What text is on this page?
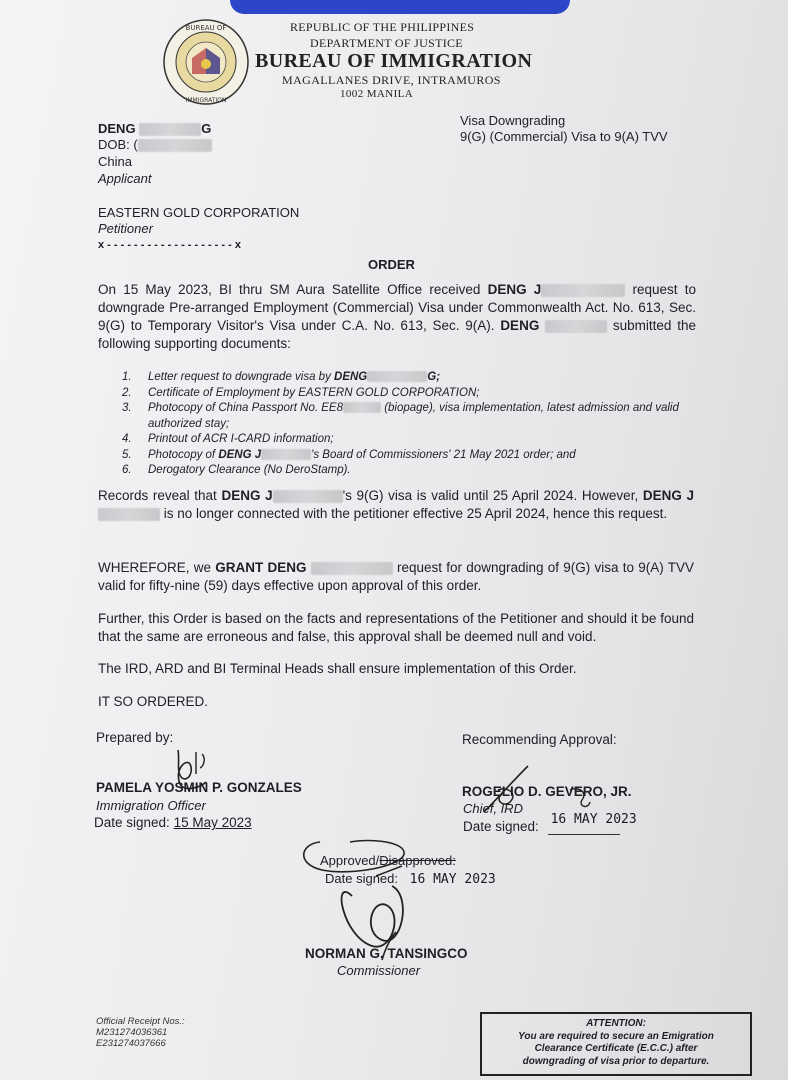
BUREAU OF
IMMIGRATION
REPUBLIC OF THE PHILIPPINES
DEPARTMENT OF JUSTICE
BUREAU OF IMMIGRATION
MAGALLANES DRIVE, INTRAMUROS
1002 MANILA
DENG	G
DOB: (
China
Applicant
Visa Downgrading
9(G) (Commercial) Visa to 9(A) TVV
EASTERN GOLD CORPORATION
Petitioner
x - - - - - - - - - - - - - - - - - - - x
ORDER
On 15 May 2023, BI thru SM Aura Satellite Office received DENG J	request to downgrade Pre-arranged Employment (Commercial) Visa under Commonwealth Act. No. 613, Sec. 9(G) to Temporary Visitor's Visa under C.A. No. 613, Sec. 9(A). DENG	submitted the following supporting documents:
1.	Letter request to downgrade visa by DENG	G;
2.	Certificate of Employment by EASTERN GOLD CORPORATION;
3.	Photocopy of China Passport No. EE8	(biopage), visa implementation, latest admission and valid authorized stay;
4.	Printout of ACR I-CARD information;
5.	Photocopy of DENG J	's Board of Commissioners' 21 May 2021 order; and
6.	Derogatory Clearance (No DeroStamp).
Records reveal that DENG J	's 9(G) visa is valid until 25 April 2024. However, DENG J is no longer connected with the petitioner effective 25 April 2024, hence this request.
WHEREFORE, we GRANT DENG	request for downgrading of 9(G) visa to 9(A) TVV valid for fifty-nine (59) days effective upon approval of this order.
Further, this Order is based on the facts and representations of the Petitioner and should it be found that the same are erroneous and false, this approval shall be deemed null and void.
The IRD, ARD and BI Terminal Heads shall ensure implementation of this Order.
IT SO ORDERED.
Prepared by:	Recommending Approval:
PAMELA YOSMIN P. GONZALES
Immigration Officer
Date signed: 15 May 2023
ROGELIO D. GEVERO, JR.
Chief, IRD
Date signed: 16 MAY 2023
Approved/Disapproved:
Date signed: 16 MAY 2023
NORMAN G. TANSINGCO
Commissioner
Official Receipt Nos.:
M231274036361
E231274037666
ATTENTION:
You are required to secure an Emigration
Clearance Certificate (E.C.C.) after
downgrading of visa prior to departure.
